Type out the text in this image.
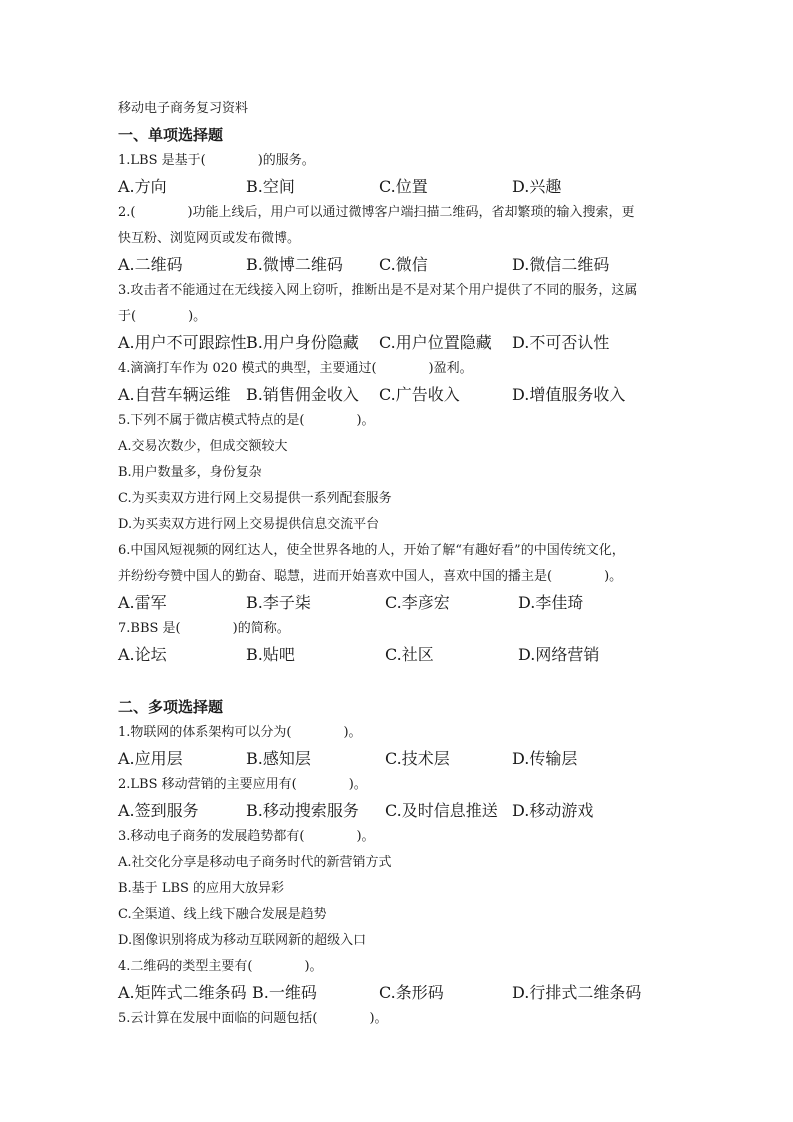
移动电子商务复习资料
一、单项选择题
1.LBS 是基于(　　　　)的服务。
A.方向	B.空间	C.位置	D.兴趣
2.(　　　　)功能上线后，用户可以通过微博客户端扫描二维码，省却繁琐的输入搜索，更
快互粉、浏览网页或发布微博。
A.二维码	B.微博二维码 C.微信	D.微信二维码
3.攻击者不能通过在无线接入网上窃听，推断出是不是对某个用户提供了不同的服务，这属
于(　　　　)。
A.用户不可跟踪性 B.用户身份隐藏 C.用户位置隐藏 D.不可否认性
4.滴滴打车作为 020 模式的典型，主要通过(　　　　)盈利。
A.自营车辆运维 B.销售佣金收入 C.广告收入	D.增值服务收入
5.下列不属于微店模式特点的是(　　　　)。
A.交易次数少，但成交额较大
B.用户数量多，身份复杂
C.为买卖双方进行网上交易提供一系列配套服务
D.为买卖双方进行网上交易提供信息交流平台
6.中国风短视频的网红达人，使全世界各地的人，开始了解“有趣好看”的中国传统文化，
并纷纷夸赞中国人的勤奋、聪慧，进而开始喜欢中国人，喜欢中国的播主是(　　　　)。
A.雷军	B.李子柒	C.李彦宏	D.李佳琦
7.BBS 是(　　　　)的简称。
A.论坛	B.贴吧	C.社区	D.网络营销
二、多项选择题
1.物联网的体系架构可以分为(　　　　)。
A.应用层	B.感知层	C.技术层	D.传输层
2.LBS 移动营销的主要应用有(　　　　)。
A.签到服务	B.移动搜索服务 C.及时信息推送 D.移动游戏
3.移动电子商务的发展趋势都有(　　　　)。
A.社交化分享是移动电子商务时代的新营销方式
B.基于 LBS 的应用大放异彩
C.全渠道、线上线下融合发展是趋势
D.图像识别将成为移动互联网新的超级入口
4.二维码的类型主要有(　　　　)。
A.矩阵式二维条码 B.一维码	C.条形码	D.行排式二维条码
5.云计算在发展中面临的问题包括(　　　　)。
